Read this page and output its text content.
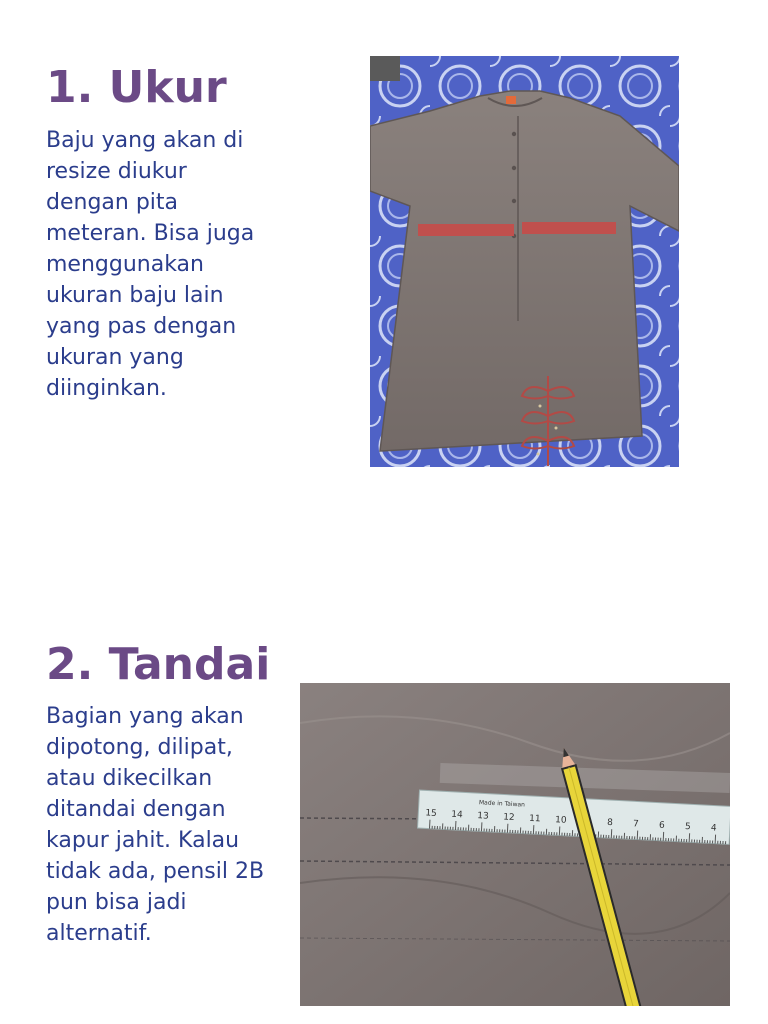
1. Ukur

Baju yang akan di
resize diukur
dengan pita
meteran. Bisa juga
menggunakan
ukuran baju lain
yang pas dengan
ukuran yang
diinginkan.

2. Tandai

Bagian yang akan
dipotong, dilipat,
atau dikecilkan
ditandai dengan
kapur jahit. Kalau
tidak ada, pensil 2B
pun bisa jadi
alternatif.

15 14 13 12 11 10	8 7 6 5 4
Made in Taiwan
